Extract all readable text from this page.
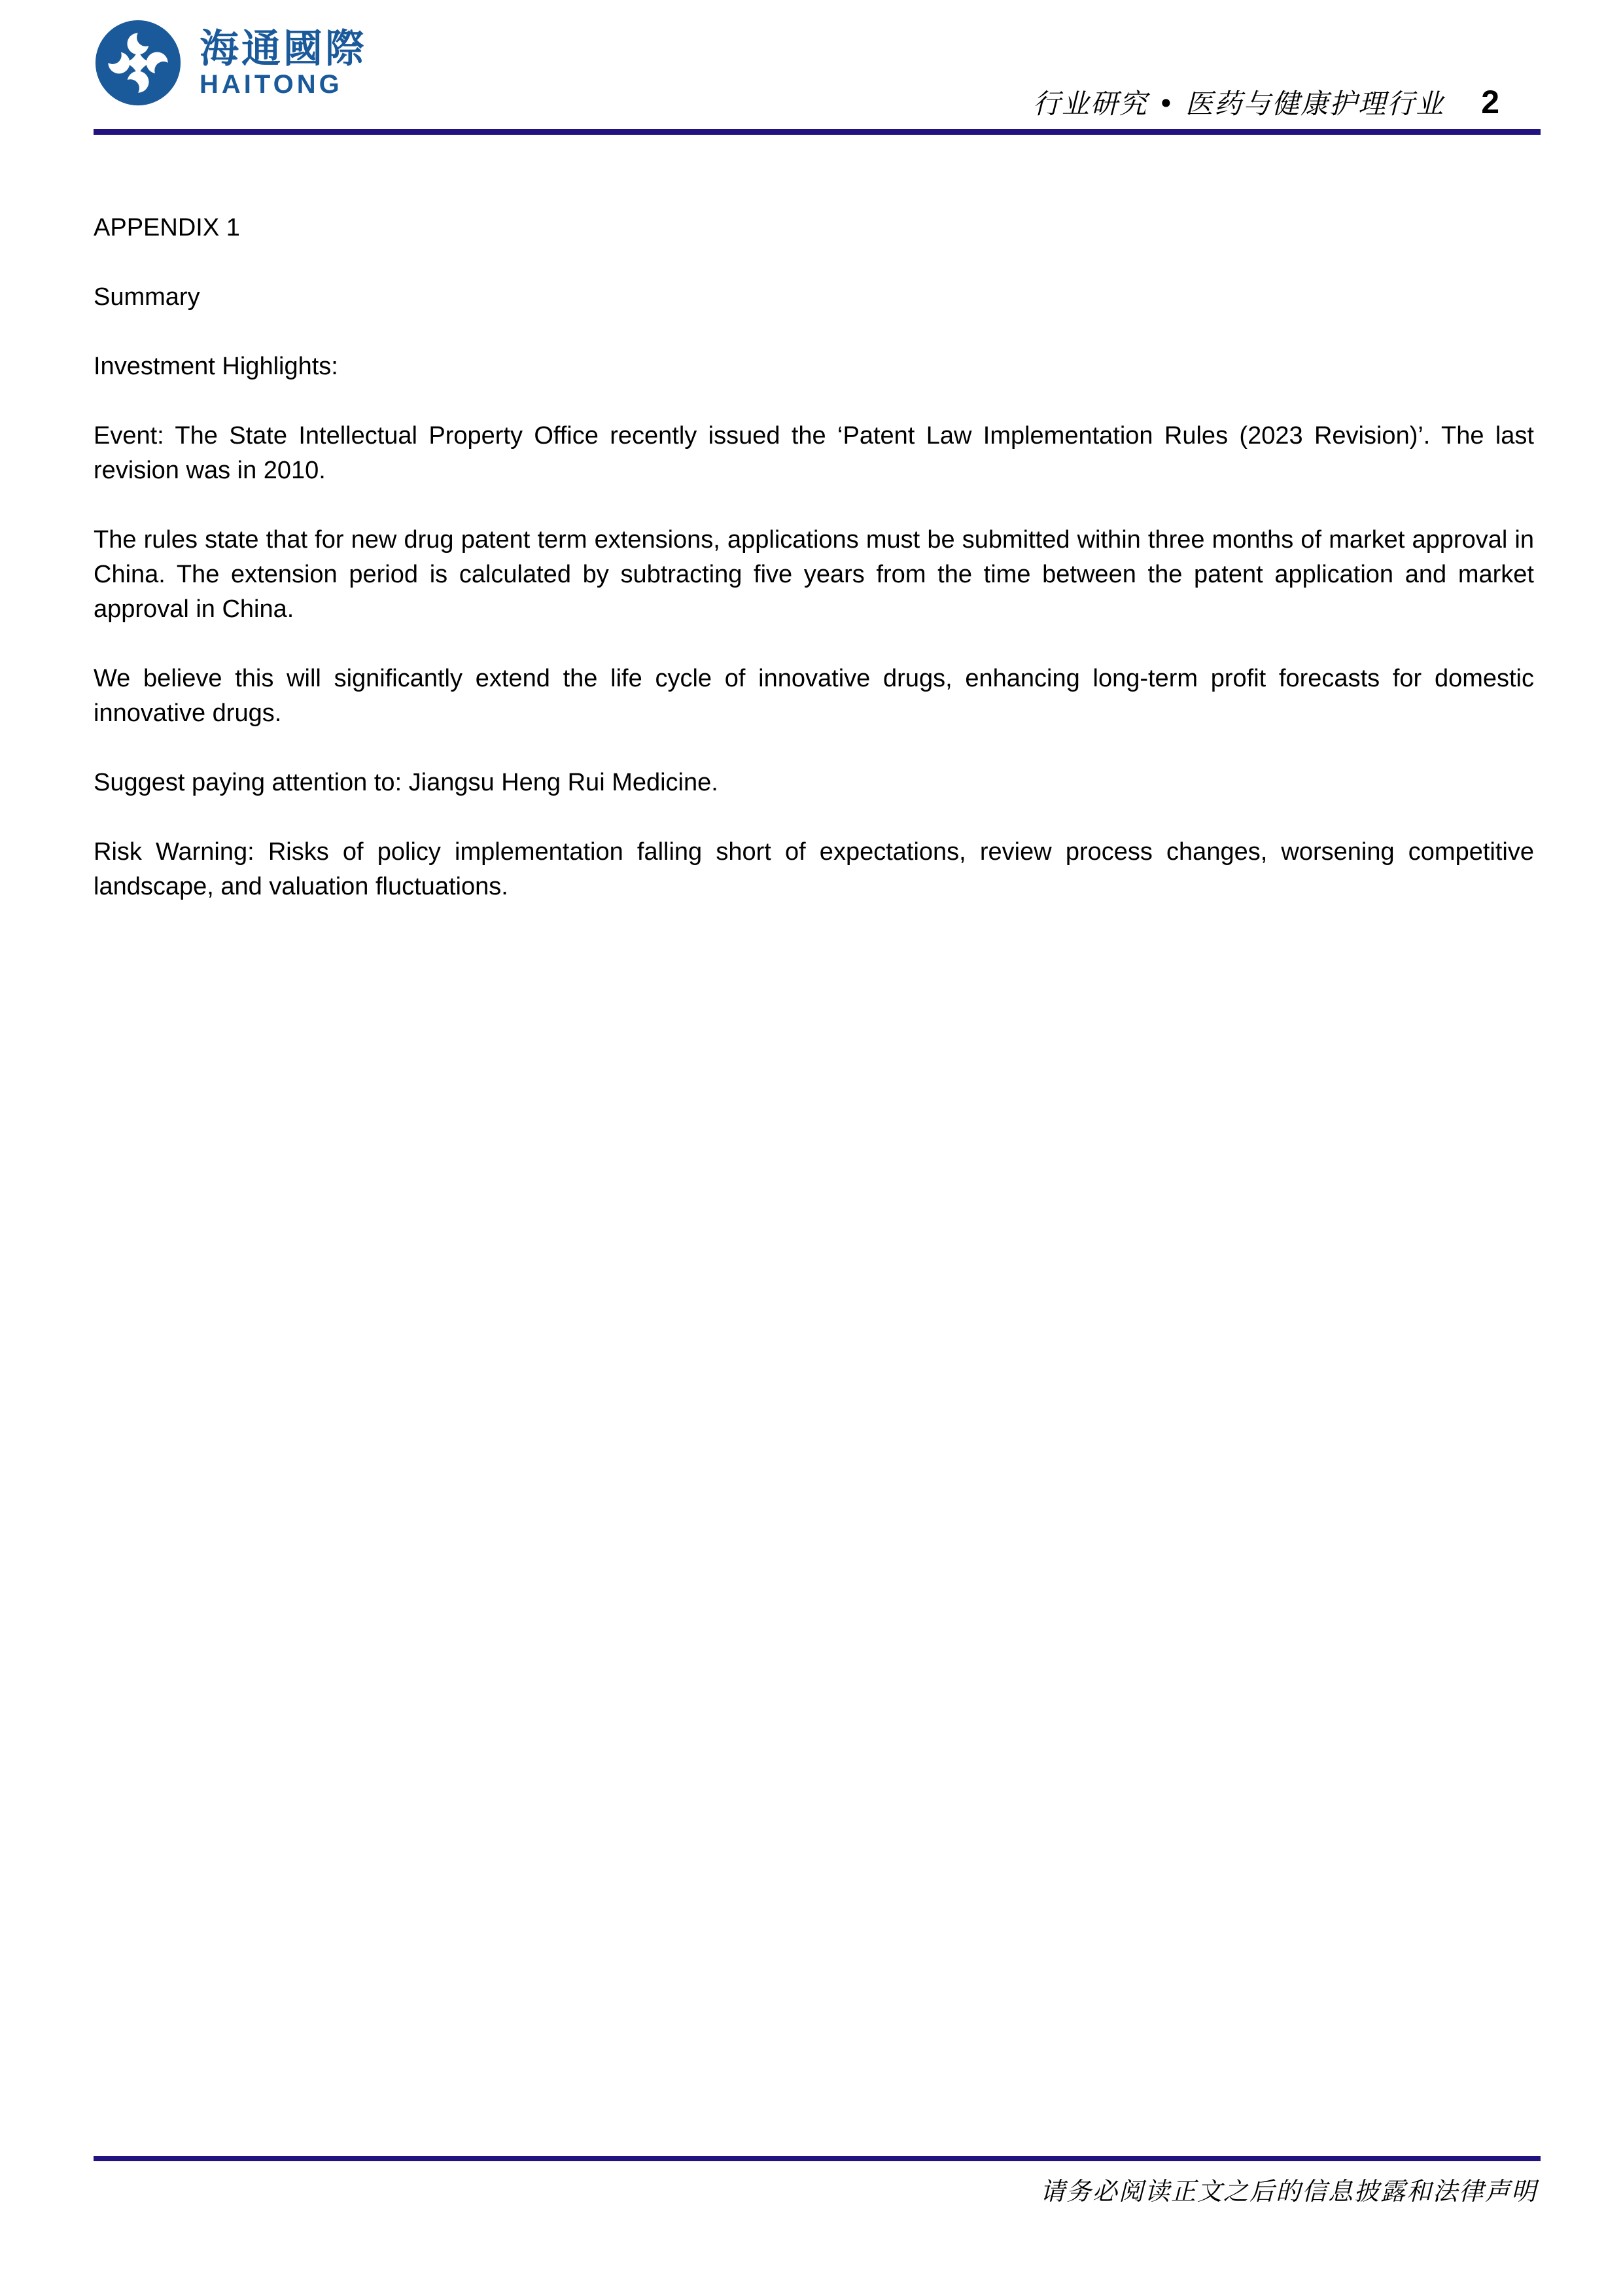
海通國際
HAITONG
行业研究 • 医药与健康护理行业 2

APPENDIX 1

Summary

Investment Highlights:

Event: The State Intellectual Property Office recently issued the ‘Patent Law Implementation Rules (2023 Revision)’. The last revision was in 2010.

The rules state that for new drug patent term extensions, applications must be submitted within three months of market approval in China. The extension period is calculated by subtracting five years from the time between the patent application and market approval in China.

We believe this will significantly extend the life cycle of innovative drugs, enhancing long-term profit forecasts for domestic innovative drugs.

Suggest paying attention to: Jiangsu Heng Rui Medicine.

Risk Warning: Risks of policy implementation falling short of expectations, review process changes, worsening competitive landscape, and valuation fluctuations.

请务必阅读正文之后的信息披露和法律声明
